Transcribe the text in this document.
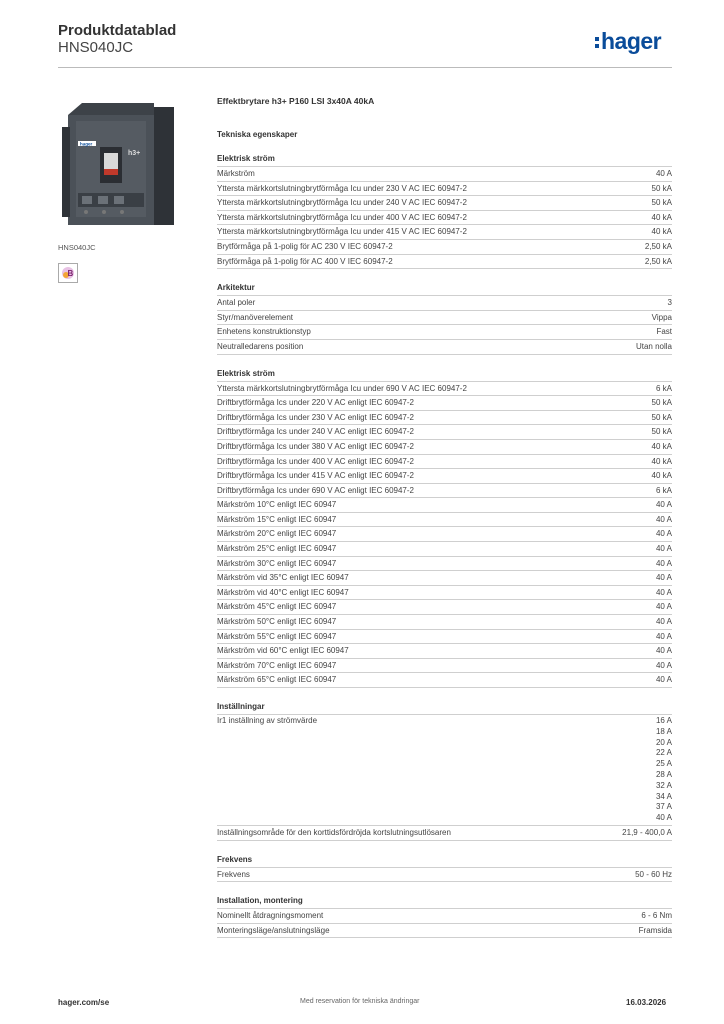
Produktdatablad
HNS040JC	hager
hager
h3+
HNS040JC
B
Effektbrytare h3+ P160 LSI 3x40A 40kA
Tekniska egenskaper
Elektrisk ström
Märkström	40 A
Yttersta märkkortslutningbrytförmåga Icu under 230 V AC IEC 60947-2	50 kA
Yttersta märkkortslutningbrytförmåga Icu under 240 V AC IEC 60947-2	50 kA
Yttersta märkkortslutningbrytförmåga Icu under 400 V AC IEC 60947-2	40 kA
Yttersta märkkortslutningbrytförmåga Icu under 415 V AC IEC 60947-2	40 kA
Brytförmåga på 1-polig för AC 230 V IEC 60947-2	2,50 kA
Brytförmåga på 1-polig för AC 400 V IEC 60947-2	2,50 kA
Arkitektur
Antal poler	3
Styr/manöverelement	Vippa
Enhetens konstruktionstyp	Fast
Neutralledarens position	Utan nolla
Elektrisk ström
Yttersta märkkortslutningbrytförmåga Icu under 690 V AC IEC 60947-2	6 kA
Driftbrytförmåga Ics under 220 V AC enligt IEC 60947-2	50 kA
Driftbrytförmåga Ics under 230 V AC enligt IEC 60947-2	50 kA
Driftbrytförmåga Ics under 240 V AC enligt IEC 60947-2	50 kA
Driftbrytförmåga Ics under 380 V AC enligt IEC 60947-2	40 kA
Driftbrytförmåga Ics under 400 V AC enligt IEC 60947-2	40 kA
Driftbrytförmåga Ics under 415 V AC enligt IEC 60947-2	40 kA
Driftbrytförmåga Ics under 690 V AC enligt IEC 60947-2	6 kA
Märkström 10°C enligt IEC 60947	40 A
Märkström 15°C enligt IEC 60947	40 A
Märkström 20°C enligt IEC 60947	40 A
Märkström 25°C enligt IEC 60947	40 A
Märkström 30°C enligt IEC 60947	40 A
Märkström vid 35°C enligt IEC 60947	40 A
Märkström vid 40°C enligt IEC 60947	40 A
Märkström 45°C enligt IEC 60947	40 A
Märkström 50°C enligt IEC 60947	40 A
Märkström 55°C enligt IEC 60947	40 A
Märkström vid 60°C enligt IEC 60947	40 A
Märkström 70°C enligt IEC 60947	40 A
Märkström 65°C enligt IEC 60947	40 A
Inställningar
Ir1 inställning av strömvärde	16 A
18 A
20 A
22 A
25 A
28 A
32 A
34 A
37 A
40 A
Inställningsområde för den korttidsfördröjda kortslutningsutlösaren	21,9 - 400,0 A
Frekvens
Frekvens	50 - 60 Hz
Installation, montering
Nominellt åtdragningsmoment	6 - 6 Nm
Monteringsläge/anslutningsläge	Framsida
hager.com/se	Med reservation för tekniska ändringar	16.03.2026
